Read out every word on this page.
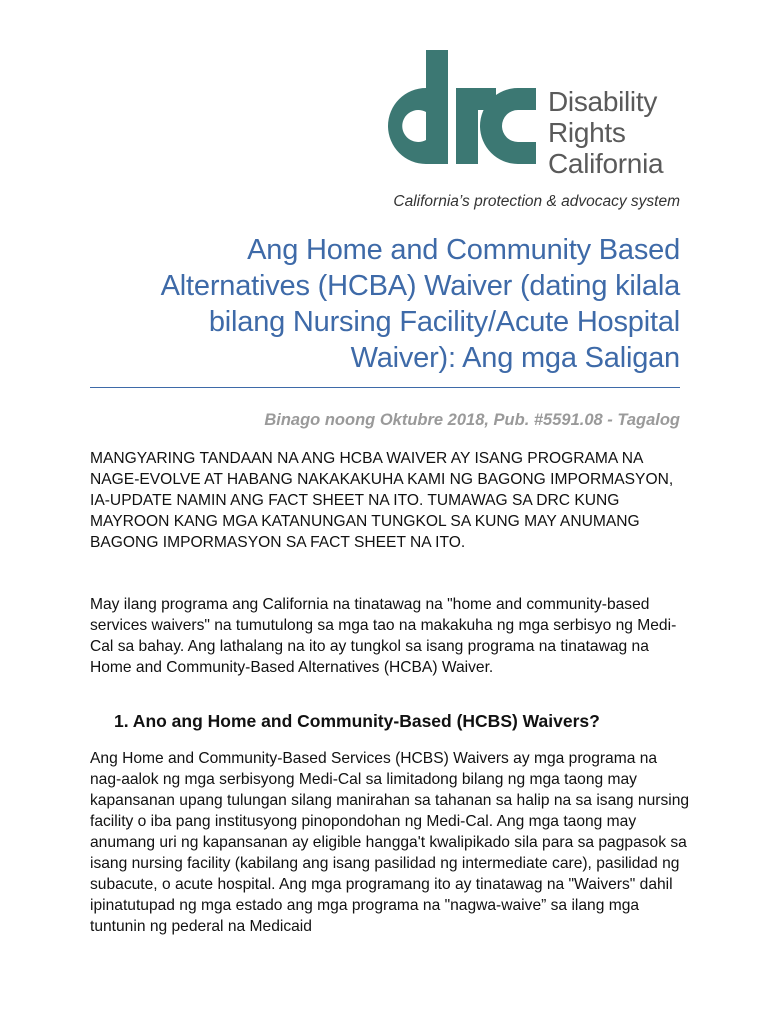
Disability
Rights
California
California’s protection & advocacy system
Ang Home and Community Based Alternatives (HCBA) Waiver (dating kilala bilang Nursing Facility/Acute Hospital Waiver): Ang mga Saligan
Binago noong Oktubre 2018, Pub. #5591.08 - Tagalog

MANGYARING TANDAAN NA ANG HCBA WAIVER AY ISANG PROGRAMA NA NAGE-EVOLVE AT HABANG NAKAKAKUHA KAMI NG BAGONG IMPORMASYON, IA-UPDATE NAMIN ANG FACT SHEET NA ITO. TUMAWAG SA DRC KUNG MAYROON KANG MGA KATANUNGAN TUNGKOL SA KUNG MAY ANUMANG BAGONG IMPORMASYON SA FACT SHEET NA ITO.

May ilang programa ang California na tinatawag na "home and community-based services waivers" na tumutulong sa mga tao na makakuha ng mga serbisyo ng Medi-Cal sa bahay. Ang lathalang na ito ay tungkol sa isang programa na tinatawag na Home and Community-Based Alternatives (HCBA) Waiver.

1. Ano ang Home and Community-Based (HCBS) Waivers?

Ang Home and Community-Based Services (HCBS) Waivers ay mga programa na nag-aalok ng mga serbisyong Medi-Cal sa limitadong bilang ng mga taong may kapansanan upang tulungan silang manirahan sa tahanan sa halip na sa isang nursing facility o iba pang institusyong pinopondohan ng Medi-Cal. Ang mga taong may anumang uri ng kapansanan ay eligible hangga't kwalipikado sila para sa pagpasok sa isang nursing facility (kabilang ang isang pasilidad ng intermediate care), pasilidad ng subacute, o acute hospital. Ang mga programang ito ay tinatawag na "Waivers" dahil ipinatutupad ng mga estado ang mga programa na "nagwa-waive” sa ilang mga tuntunin ng pederal na Medicaid
